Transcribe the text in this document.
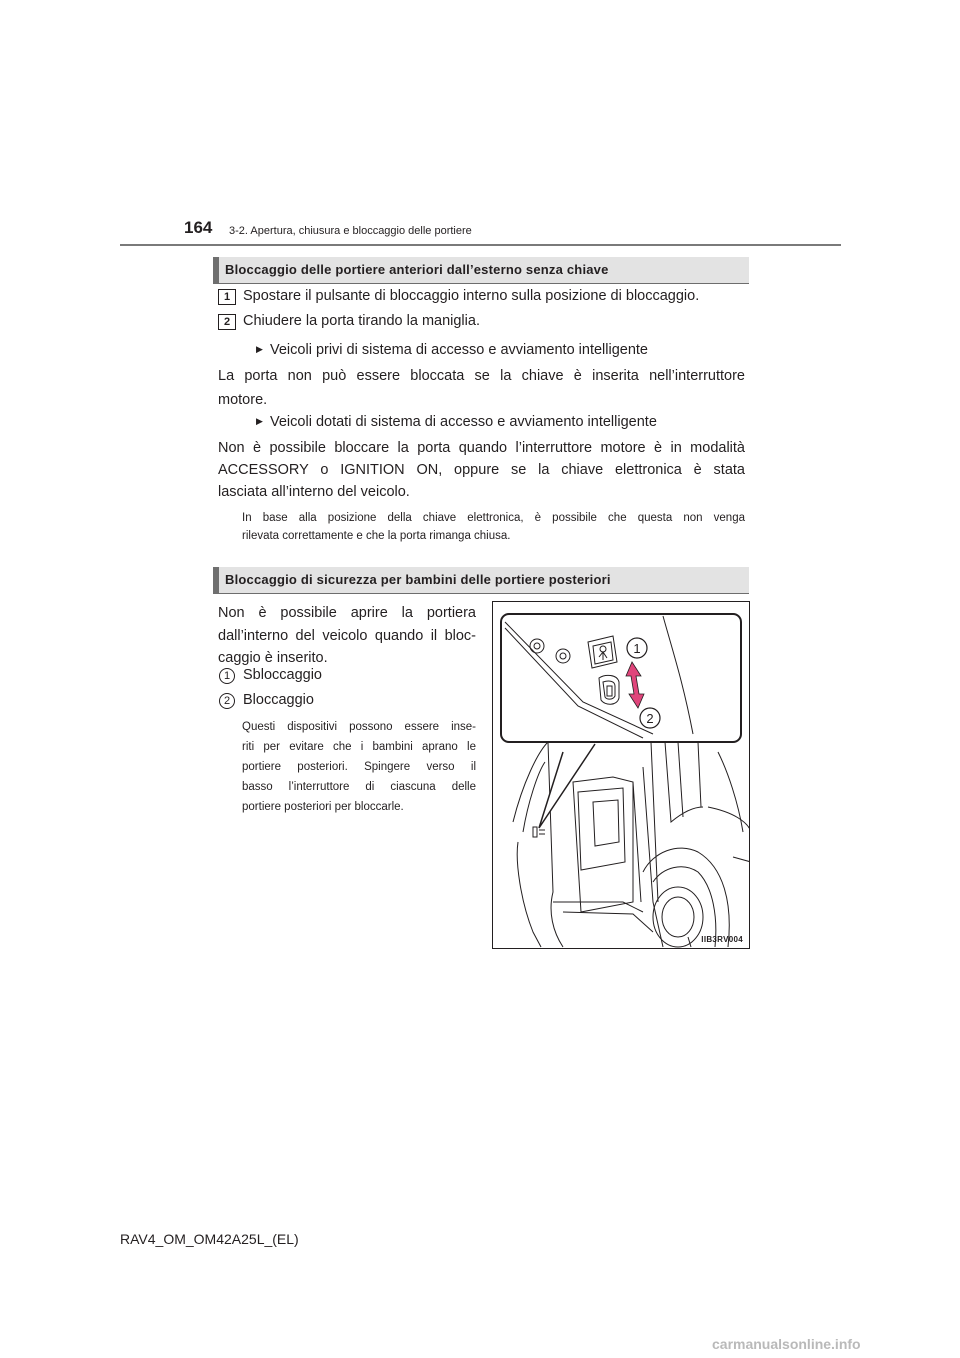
164 3-2. Apertura, chiusura e bloccaggio delle portiere
Bloccaggio delle portiere anteriori dall’esterno senza chiave
1 Spostare il pulsante di bloccaggio interno sulla posizione di bloccaggio.
2 Chiudere la porta tirando la maniglia.
▶ Veicoli privi di sistema di accesso e avviamento intelligente
La porta non può essere bloccata se la chiave è inserita nell’interruttore
motore.
▶ Veicoli dotati di sistema di accesso e avviamento intelligente
Non è possibile bloccare la porta quando l’interruttore motore è in modalità
ACCESSORY o IGNITION ON, oppure se la chiave elettronica è stata
lasciata all’interno del veicolo.
In base alla posizione della chiave elettronica, è possibile che questa non venga
rilevata correttamente e che la porta rimanga chiusa.
Bloccaggio di sicurezza per bambini delle portiere posteriori
Non è possibile aprire la portiera
dall’interno del veicolo quando il bloc-
caggio è inserito.
1 Sbloccaggio
2 Bloccaggio
Questi dispositivi possono essere inse-
riti per evitare che i bambini aprano le
portiere posteriori. Spingere verso il
basso l’interruttore di ciascuna delle
portiere posteriori per bloccarle.
1
2
IIB3RV004
RAV4_OM_OM42A25L_(EL)
carmanualsonline.info
